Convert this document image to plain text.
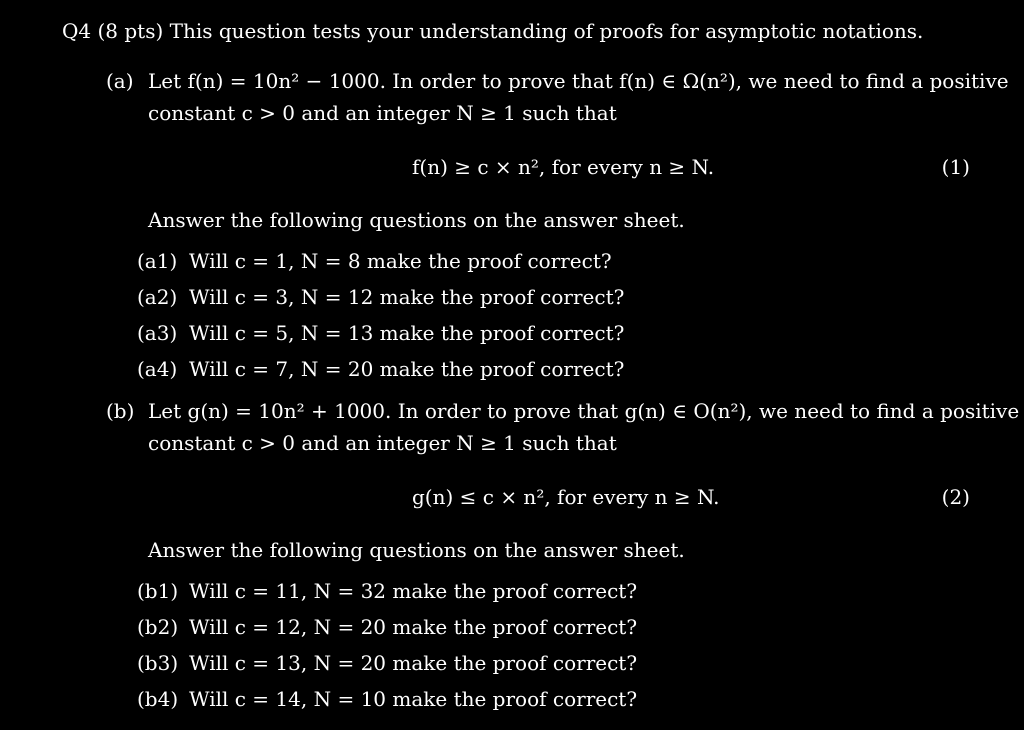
Q4 (8 pts) This question tests your understanding of proofs for asymptotic notations.
(a) Let f(n) = 10n² − 1000. In order to prove that f(n) ∈ Ω(n²), we need to find a positive
constant c > 0 and an integer N ≥ 1 such that
f(n) ≥ c × n², for every n ≥ N.	(1)
Answer the following questions on the answer sheet.
(a1) Will c = 1, N = 8 make the proof correct?
(a2) Will c = 3, N = 12 make the proof correct?
(a3) Will c = 5, N = 13 make the proof correct?
(a4) Will c = 7, N = 20 make the proof correct?
(b) Let g(n) = 10n² + 1000. In order to prove that g(n) ∈ O(n²), we need to find a positive
constant c > 0 and an integer N ≥ 1 such that
g(n) ≤ c × n², for every n ≥ N.	(2)
Answer the following questions on the answer sheet.
(b1) Will c = 11, N = 32 make the proof correct?
(b2) Will c = 12, N = 20 make the proof correct?
(b3) Will c = 13, N = 20 make the proof correct?
(b4) Will c = 14, N = 10 make the proof correct?
